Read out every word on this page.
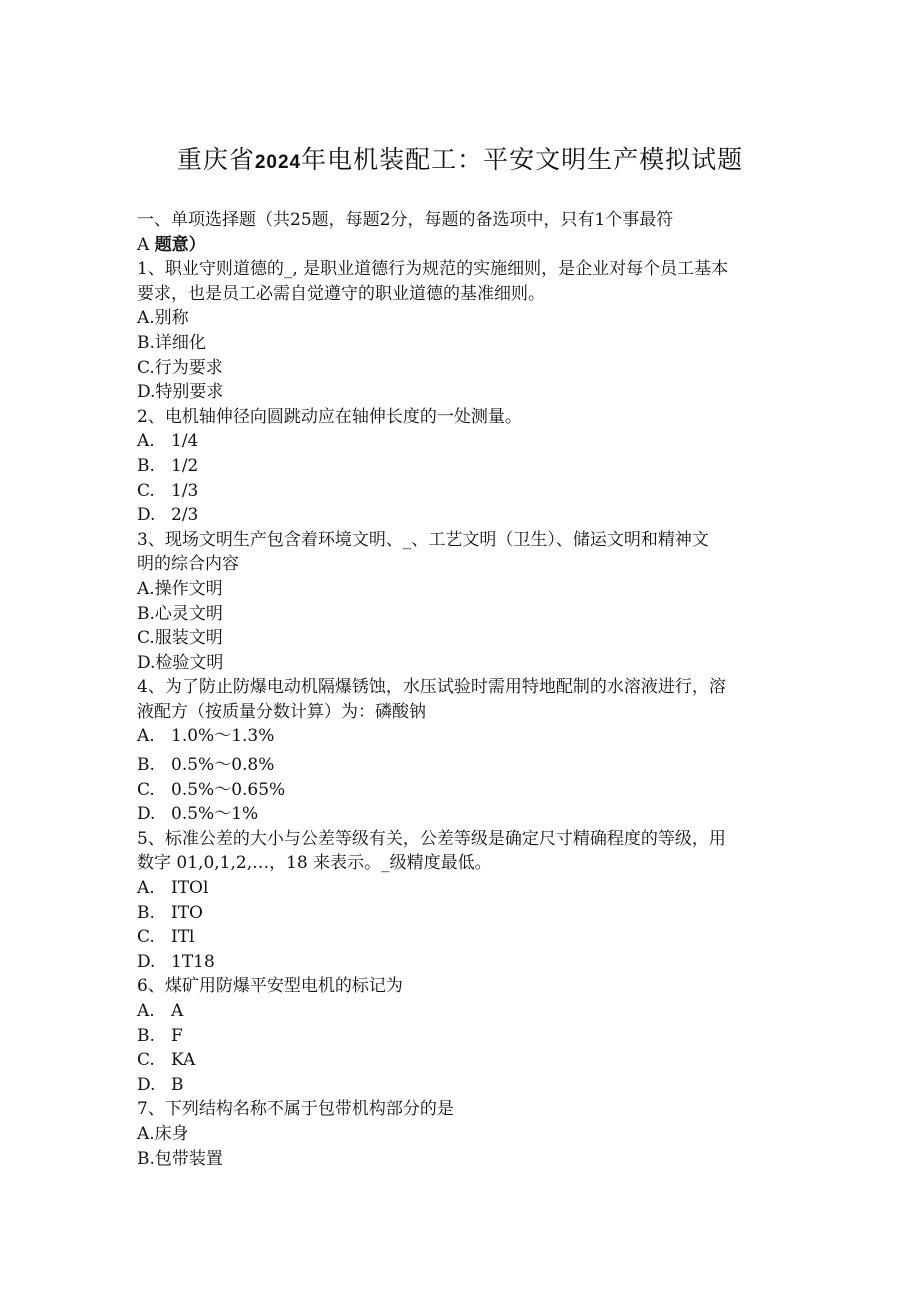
重庆省2024年电机装配工：平安文明生产模拟试题
一、单项选择题（共25题，每题2分，每题的备选项中，只有1个事最符
A 题意）
1、职业守则道德的_, 是职业道德行为规范的实施细则，是企业对每个员工基本
要求，也是员工必需自觉遵守的职业道德的基准细则。
A.别称
B.详细化
C.行为要求
D.特别要求
2、电机轴伸径向圆跳动应在轴伸长度的一处测量。
A. 1/4
B. 1/2
C. 1/3
D. 2/3
3、现场文明生产包含着环境文明、_、工艺文明（卫生）、储运文明和精神文
明的综合内容
A.操作文明
B.心灵文明
C.服装文明
D.检验文明
4、为了防止防爆电动机隔爆锈蚀，水压试验时需用特地配制的水溶液进行，溶
液配方（按质量分数计算）为：磷酸钠
A. 1.0%～1.3%
B. 0.5%～0.8%
C. 0.5%～0.65%
D. 0.5%～1%
5、标准公差的大小与公差等级有关，公差等级是确定尺寸精确程度的等级，用
数字 01,0,1,2,…，18 来表示。_级精度最低。
A. ITOl
B. ITO
C. ITl
D. 1T18
6、煤矿用防爆平安型电机的标记为
A. A
B. F
C. KA
D. B
7、下列结构名称不属于包带机构部分的是
A.床身
B.包带装置
